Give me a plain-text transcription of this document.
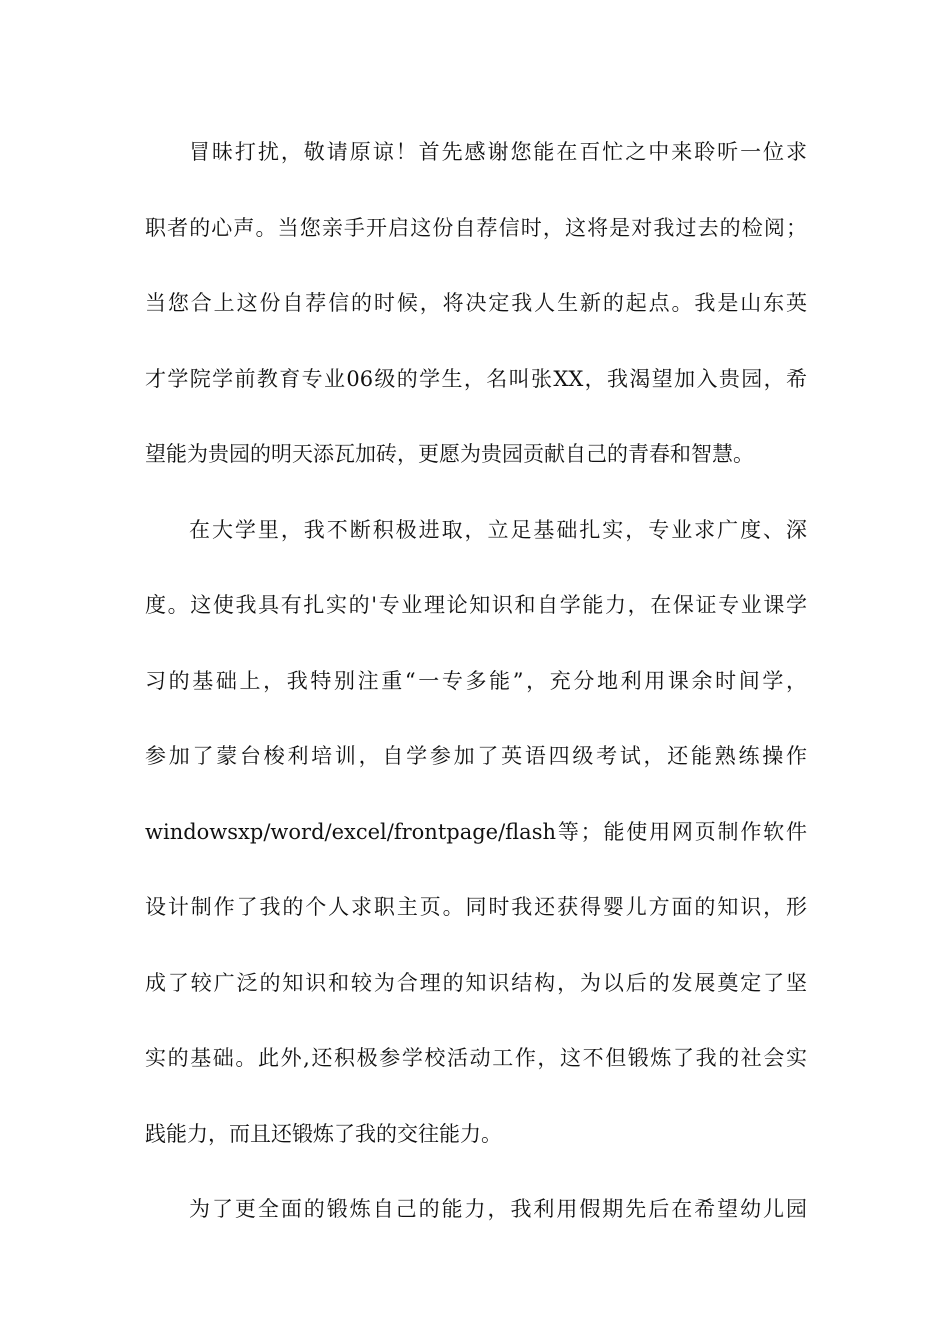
冒昧打扰，敬请原谅！首先感谢您能在百忙之中来聆听一位求
职者的心声。当您亲手开启这份自荐信时，这将是对我过去的检阅；
当您合上这份自荐信的时候，将决定我人生新的起点。我是山东英
才学院学前教育专业06级的学生，名叫张XX，我渴望加入贵园，希
望能为贵园的明天添瓦加砖，更愿为贵园贡献自己的青春和智慧。
在大学里，我不断积极进取，立足基础扎实，专业求广度、深
度。这使我具有扎实的'专业理论知识和自学能力，在保证专业课学
习的基础上，我特别注重“一专多能”，充分地利用课余时间学，
参加了蒙台梭利培训，自学参加了英语四级考试，还能熟练操作
windowsxp/word/excel/frontpage/flash等；能使用网页制作软件
设计制作了我的个人求职主页。同时我还获得婴儿方面的知识，形
成了较广泛的知识和较为合理的知识结构，为以后的发展奠定了坚
实的基础。此外,还积极参学校活动工作，这不但锻炼了我的社会实
践能力，而且还锻炼了我的交往能力。
为了更全面的锻炼自己的能力，我利用假期先后在希望幼儿园
